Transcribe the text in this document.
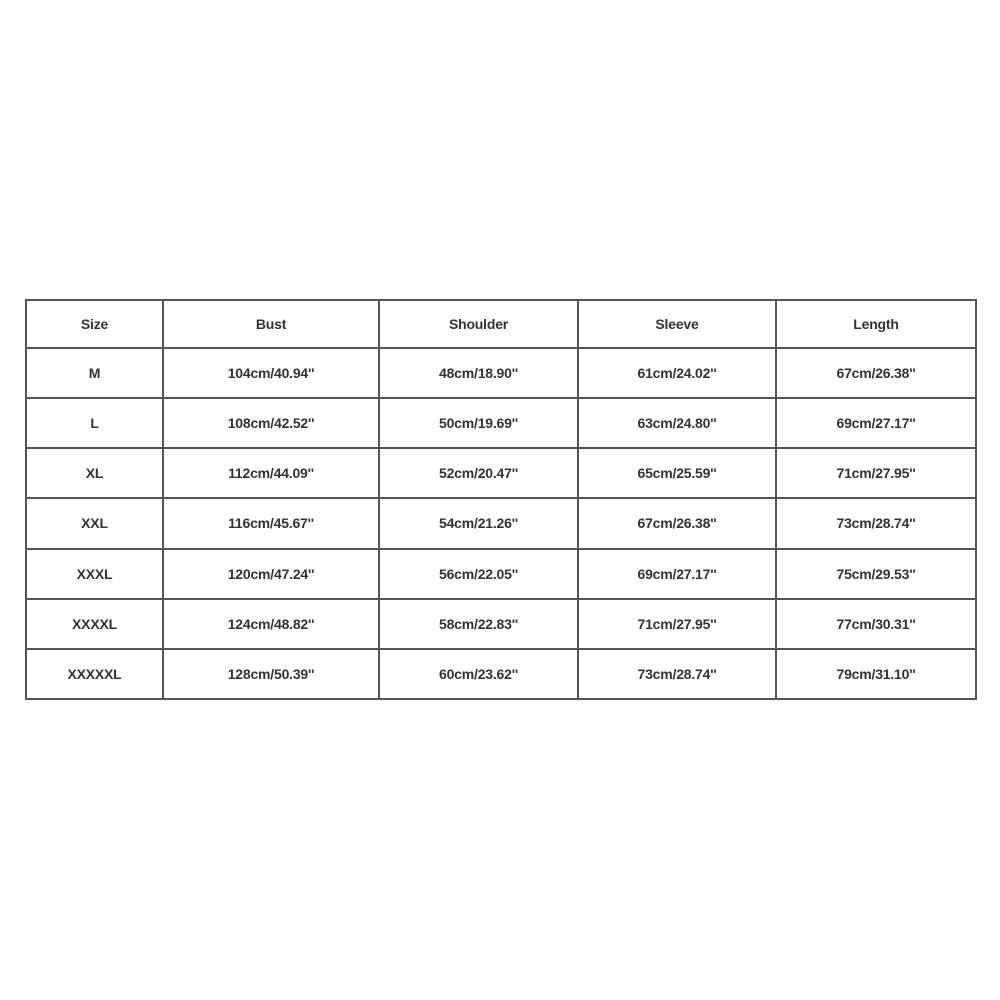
Size	Bust	Shoulder	Sleeve	Length
M	104cm/40.94''	48cm/18.90''	61cm/24.02''	67cm/26.38''
L	108cm/42.52''	50cm/19.69''	63cm/24.80''	69cm/27.17''
XL	112cm/44.09''	52cm/20.47''	65cm/25.59''	71cm/27.95''
XXL	116cm/45.67''	54cm/21.26''	67cm/26.38''	73cm/28.74''
XXXL	120cm/47.24''	56cm/22.05''	69cm/27.17''	75cm/29.53''
XXXXL	124cm/48.82''	58cm/22.83''	71cm/27.95''	77cm/30.31''
XXXXXL	128cm/50.39''	60cm/23.62''	73cm/28.74''	79cm/31.10''
